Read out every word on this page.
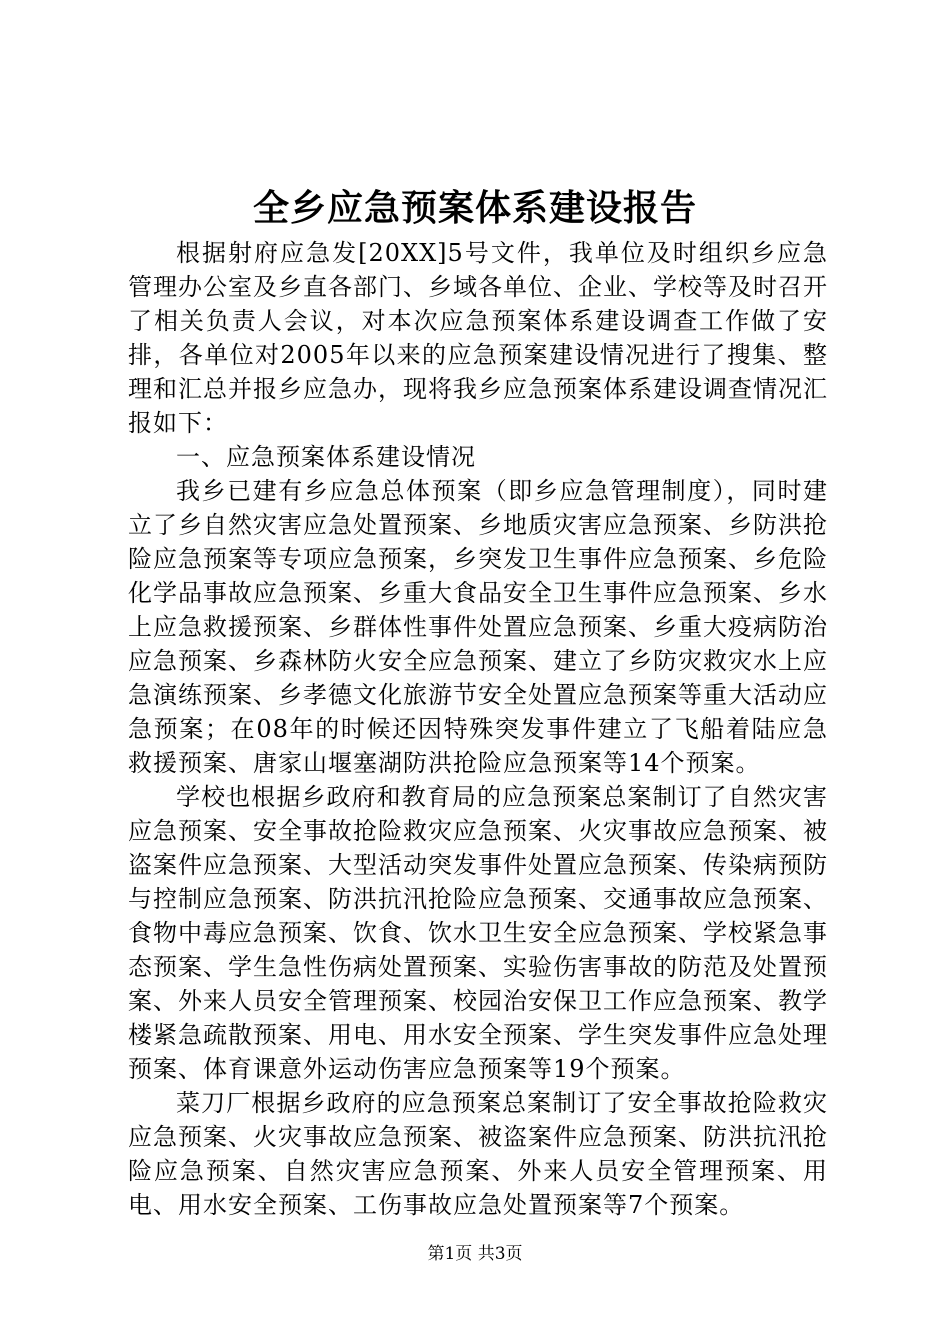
全乡应急预案体系建设报告

根据射府应急发[20XX]5号文件，我单位及时组织乡应急管理办公室及乡直各部门、乡域各单位、企业、学校等及时召开了相关负责人会议，对本次应急预案体系建设调查工作做了安排，各单位对2005年以来的应急预案建设情况进行了搜集、整理和汇总并报乡应急办，现将我乡应急预案体系建设调查情况汇报如下：

一、应急预案体系建设情况

我乡已建有乡应急总体预案（即乡应急管理制度），同时建立了乡自然灾害应急处置预案、乡地质灾害应急预案、乡防洪抢险应急预案等专项应急预案，乡突发卫生事件应急预案、乡危险化学品事故应急预案、乡重大食品安全卫生事件应急预案、乡水上应急救援预案、乡群体性事件处置应急预案、乡重大疫病防治应急预案、乡森林防火安全应急预案、建立了乡防灾救灾水上应急演练预案、乡孝德文化旅游节安全处置应急预案等重大活动应急预案；在08年的时候还因特殊突发事件建立了飞船着陆应急救援预案、唐家山堰塞湖防洪抢险应急预案等14个预案。

学校也根据乡政府和教育局的应急预案总案制订了自然灾害应急预案、安全事故抢险救灾应急预案、火灾事故应急预案、被盗案件应急预案、大型活动突发事件处置应急预案、传染病预防与控制应急预案、防洪抗汛抢险应急预案、交通事故应急预案、食物中毒应急预案、饮食、饮水卫生安全应急预案、学校紧急事态预案、学生急性伤病处置预案、实验伤害事故的防范及处置预案、外来人员安全管理预案、校园治安保卫工作应急预案、教学楼紧急疏散预案、用电、用水安全预案、学生突发事件应急处理预案、体育课意外运动伤害应急预案等19个预案。

菜刀厂根据乡政府的应急预案总案制订了安全事故抢险救灾应急预案、火灾事故应急预案、被盗案件应急预案、防洪抗汛抢险应急预案、自然灾害应急预案、外来人员安全管理预案、用电、用水安全预案、工伤事故应急处置预案等7个预案。

第1页 共3页
